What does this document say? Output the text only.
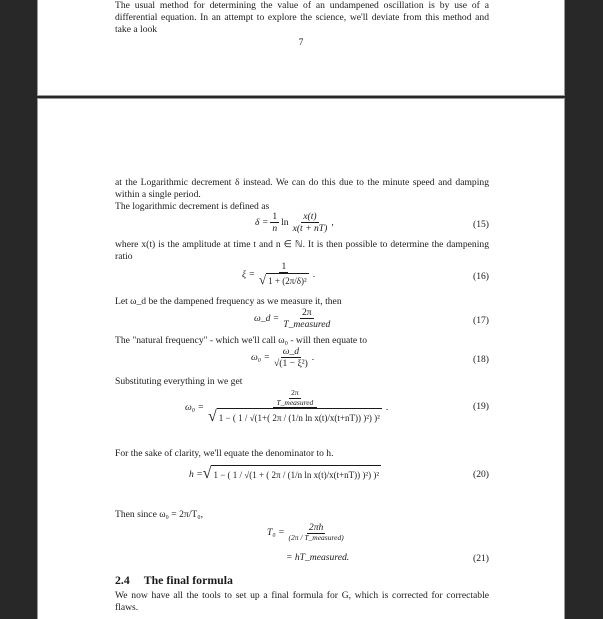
The usual method for determining the value of an undampened oscillation is by use of a differential equation. In an attempt to explore the science, we'll deviate from this method and take a look
7
at the Logarithmic decrement δ instead. We can do this due to the minute speed and damping within a single period.

The logarithmic decrement is defined as
$\delta = \frac{1}{n}$ $\ln \frac{x(t)}{x(t + nT)}$ ,	(15)
where x(t) is the amplitude at time t and n ∈ ℕ. It is then possible to determine the dampening ratio
$\xi = \frac{1}{\text{√ 1 + (2π/δ)²}}$ .	(16)
Let ω_d be the dampened frequency as we measure it, then
ω_d = $\frac{2\pi}{\text{T\_measured}}$	(17)
The "natural frequency" - which we'll call ω₀ - will then equate to
$\omega_0 = \frac{\omega\_d}{\text{√(1 − ξ²)}}$ .	(18)
Substituting everything in we get
ω₀ =
$\frac{2\pi}{\text{T\_measured}}$
√ 1 − ( 1 / √(1+( 2π / (1/n ln x(t)/x(t+nT)) )²) )²
.	(19)
For the sake of clarity, we'll equate the denominator to h.
h = √ 1 − ( 1 / √(1 + ( 2π / (1/n ln x(t)/x(t+nT)) )²) )²	(20)
Then since ω₀ = 2π/T₀,
$T_0 = \frac{2\pi h}{\text{(2π / T\_measured)}}$
= hT_measured.	(21)
2.4 The final formula
We now have all the tools to set up a final formula for G, which is corrected for correctable flaws.
